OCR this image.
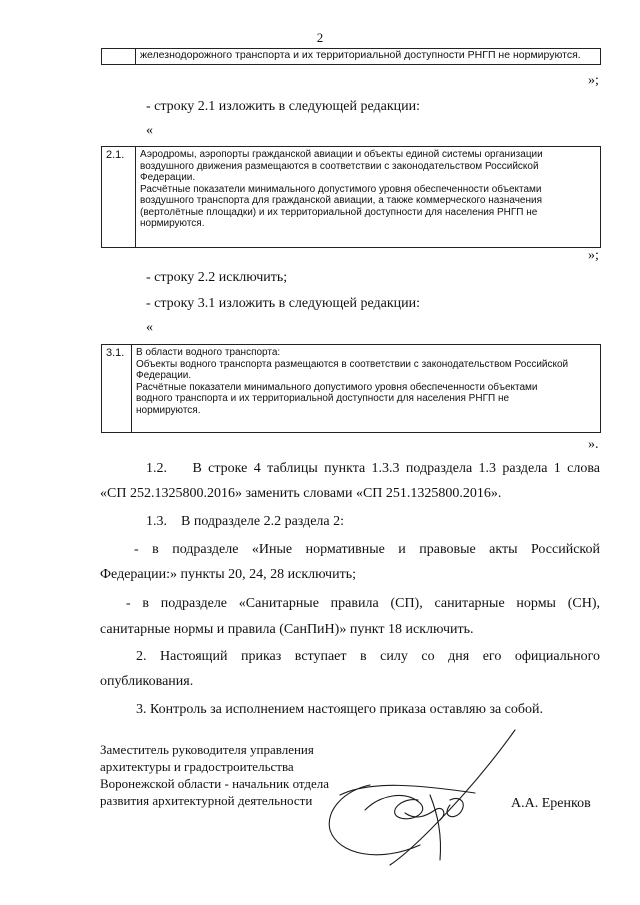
2
железнодорожного транспорта и их территориальной доступности РНГП не нормируются.
»;
- строку 2.1 изложить в следующей редакции:
«
2.1.	Аэродромы, аэропорты гражданской авиации и объекты единой системы организации
воздушного движения размещаются в соответствии с законодательством Российской
Федерации.
Расчётные показатели минимального допустимого уровня обеспеченности объектами
воздушного транспорта для гражданской авиации, а также коммерческого назначения
(вертолётные площадки) и их территориальной доступности для населения РНГП не
нормируются.
»;
- строку 2.2 исключить;
- строку 3.1 изложить в следующей редакции:
«
3.1.	В области водного транспорта:
Объекты водного транспорта размещаются в соответствии с законодательством Российской
Федерации.
Расчётные показатели минимального допустимого уровня обеспеченности объектами
водного транспорта и их территориальной доступности для населения РНГП не
нормируются.
».
1.2.    В строке 4 таблицы пункта 1.3.3 подраздела 1.3 раздела 1 слова
«СП 252.1325800.2016» заменить словами «СП 251.1325800.2016».
1.3.    В подразделе 2.2 раздела 2:
- в подразделе «Иные нормативные и правовые акты Российской
Федерации:» пункты 20, 24, 28 исключить;
- в подразделе «Санитарные правила (СП), санитарные нормы (СН),
санитарные нормы и правила (СанПиН)» пункт 18 исключить.
2. Настоящий приказ вступает в силу со дня его официального
опубликования.
3. Контроль за исполнением настоящего приказа оставляю за собой.
Заместитель руководителя управления
архитектуры и градостроительства
Воронежской области - начальник отдела
развития архитектурной деятельности	А.А. Еренков
